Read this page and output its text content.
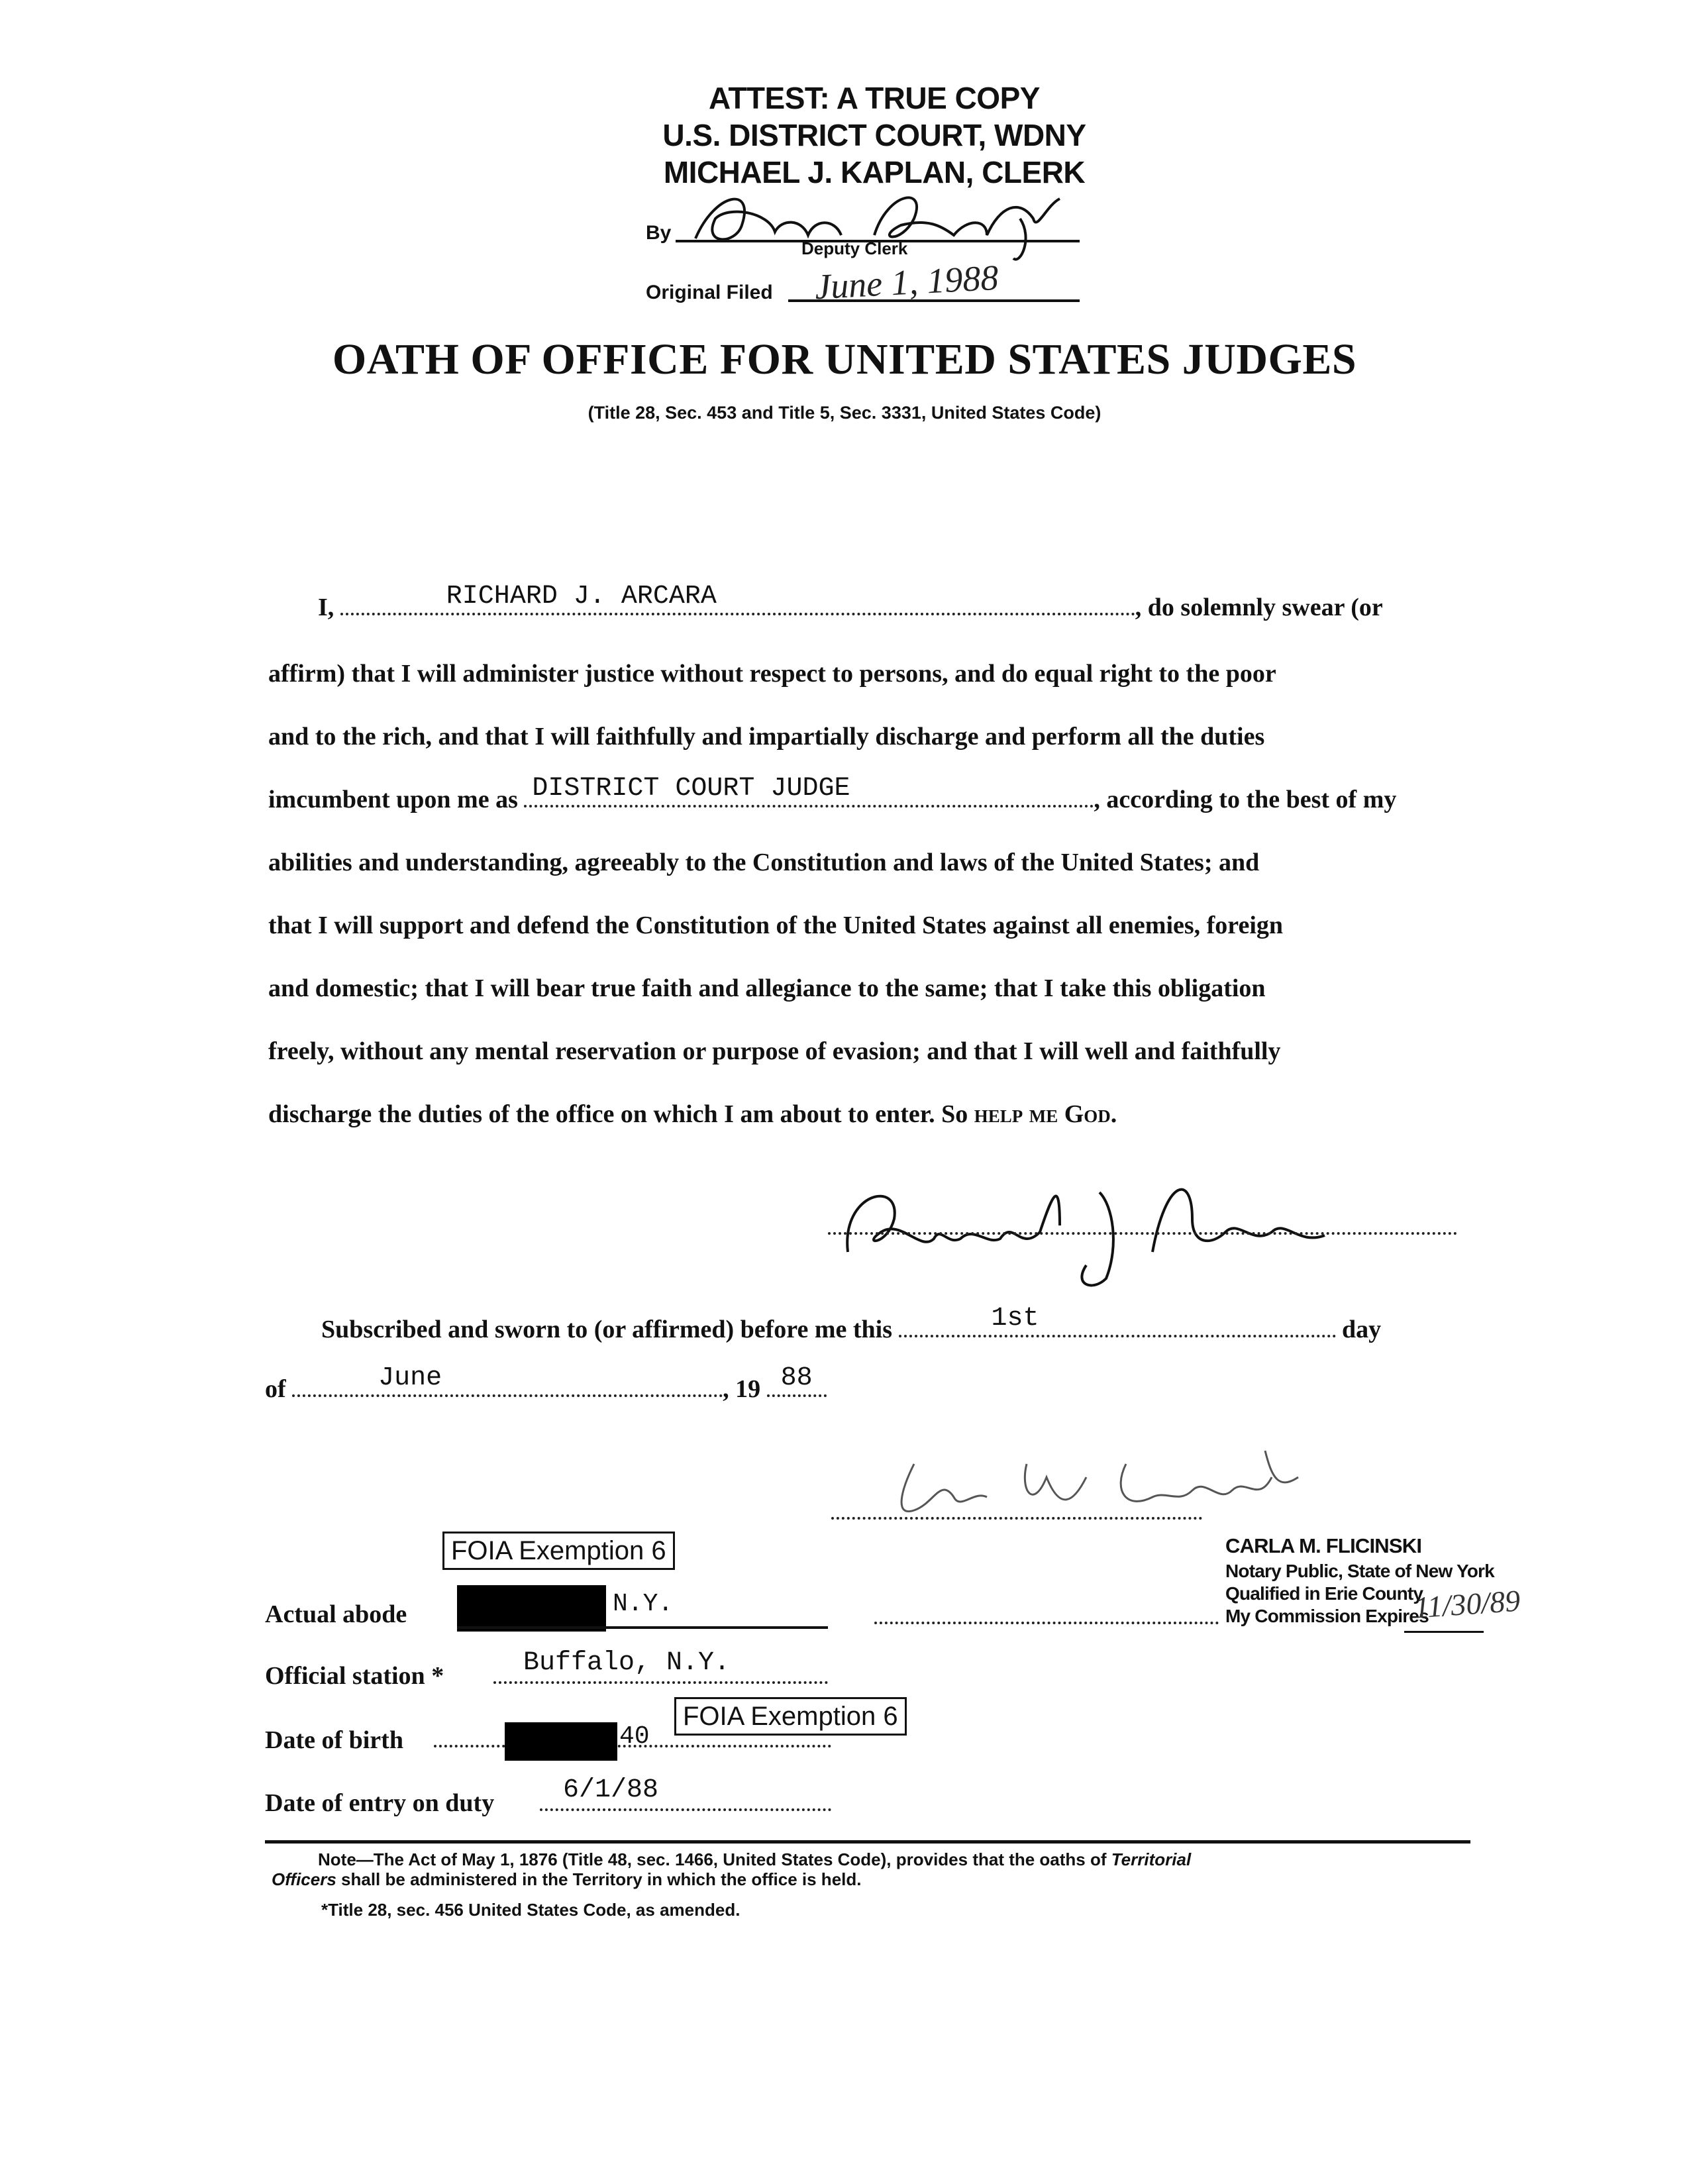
ATTEST: A TRUE COPY
U.S. DISTRICT COURT, WDNY
MICHAEL J. KAPLAN, CLERK
By
Deputy Clerk
Original Filed June 1, 1988
OATH OF OFFICE FOR UNITED STATES JUDGES
(Title 28, Sec. 453 and Title 5, Sec. 3331, United States Code)
I,	RICHARD J. ARCARA	, do solemnly swear (or
affirm) that I will administer justice without respect to persons, and do equal right to the poor
and to the rich, and that I will faithfully and impartially discharge and perform all the duties
imcumbent upon me as DISTRICT COURT JUDGE	, according to the best of my
abilities and understanding, agreeably to the Constitution and laws of the United States; and
that I will support and defend the Constitution of the United States against all enemies, foreign
and domestic; that I will bear true faith and allegiance to the same; that I take this obligation
freely, without any mental reservation or purpose of evasion; and that I will well and faithfully
discharge the duties of the office on which I am about to enter. So help me God.
Subscribed and sworn to (or affirmed) before me this	1st	day
of	June	, 19 88
CARLA M. FLICINSKI
Notary Public, State of New York
Qualified in Erie County
My Commission Expires
11/30/89
FOIA Exemption 6
FOIA Exemption 6
Actual abode	N.Y.
Official station *	Buffalo, N.Y.
Date of birth	40
Date of entry on duty	6/1/88
Note—The Act of May 1, 1876 (Title 48, sec. 1466, United States Code), provides that the oaths of Territorial
Officers shall be administered in the Territory in which the office is held.
*Title 28, sec. 456 United States Code, as amended.
